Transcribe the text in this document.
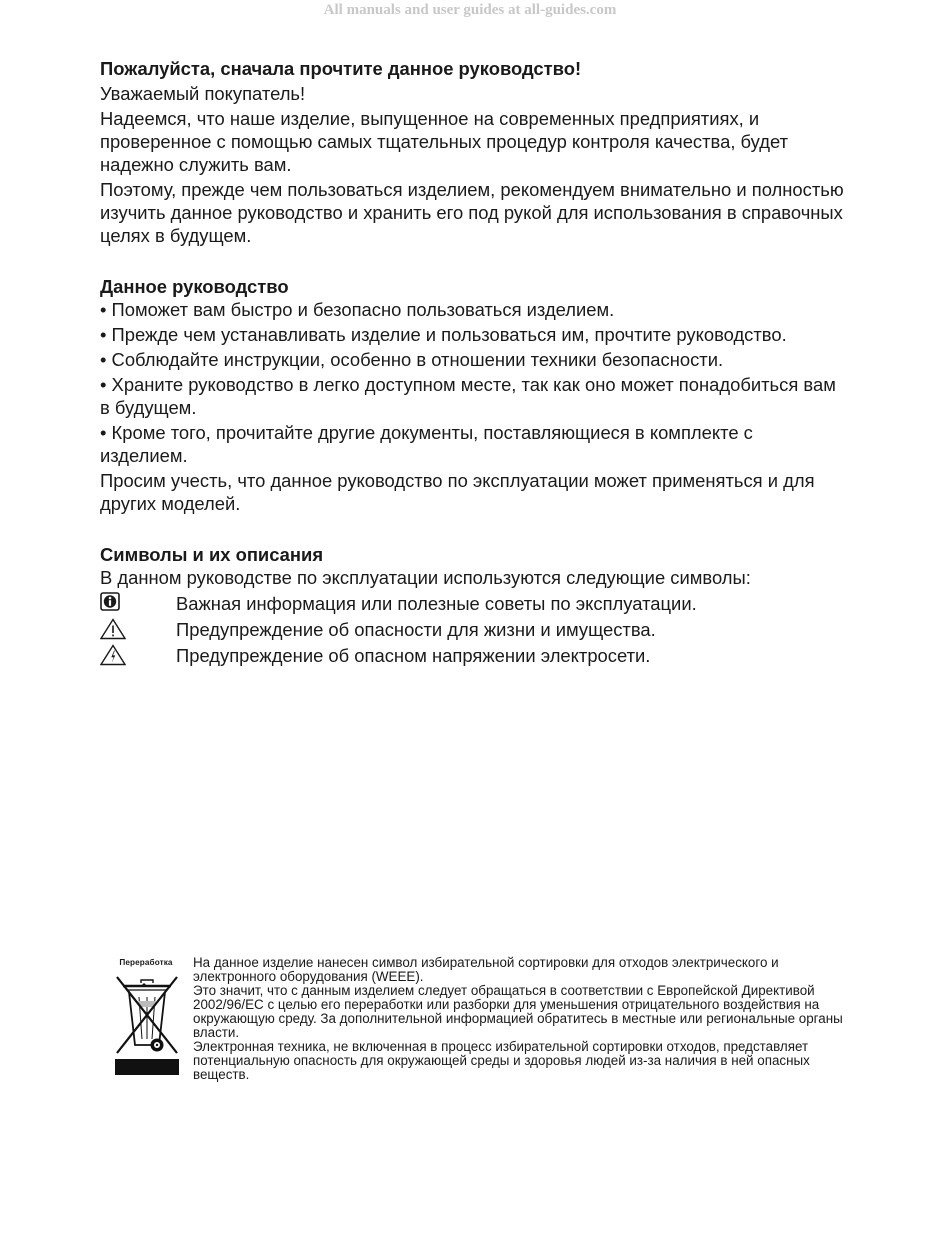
All manuals and user guides at all-guides.com

Пожалуйста, сначала прочтите данное руководство!

Уважаемый покупатель!

Надеемся, что наше изделие, выпущенное на современных предприятиях, и проверенное с помощью самых тщательных процедур контроля качества, будет надежно служить вам.

Поэтому, прежде чем пользоваться изделием, рекомендуем внимательно и полностью изучить данное руководство и хранить его под рукой для использования в справочных целях в будущем.

Данное руководство

• Поможет вам быстро и безопасно пользоваться изделием.

• Прежде чем устанавливать изделие и пользоваться им, прочтите руководство.

• Соблюдайте инструкции, особенно в отношении техники безопасности.

• Храните руководство в легко доступном месте, так как оно может понадобиться вам в будущем.

• Кроме того, прочитайте другие документы, поставляющиеся в комплекте с изделием.

Просим учесть, что данное руководство по эксплуатации может применяться и для других моделей.

Символы и их описания

В данном руководстве по эксплуатации используются следующие символы:

Важная информация или полезные советы по эксплуатации.
Предупреждение об опасности для жизни и имущества.
Предупреждение об опасном напряжении электросети.
Переработка	На данное изделие нанесен символ избирательной сортировки для отходов электрического и электронного оборудования (WEEE).

Это значит, что с данным изделием следует обращаться в соответствии с Европейской Директивой 2002/96/EC с целью его переработки или разборки для уменьшения отрицательного воздействия на окружающую среду. За дополнительной информацией обратитесь в местные или региональные органы власти.

Электронная техника, не включенная в процесс избирательной сортировки отходов, представляет потенциальную опасность для окружающей среды и здоровья людей из-за наличия в ней опасных веществ.
